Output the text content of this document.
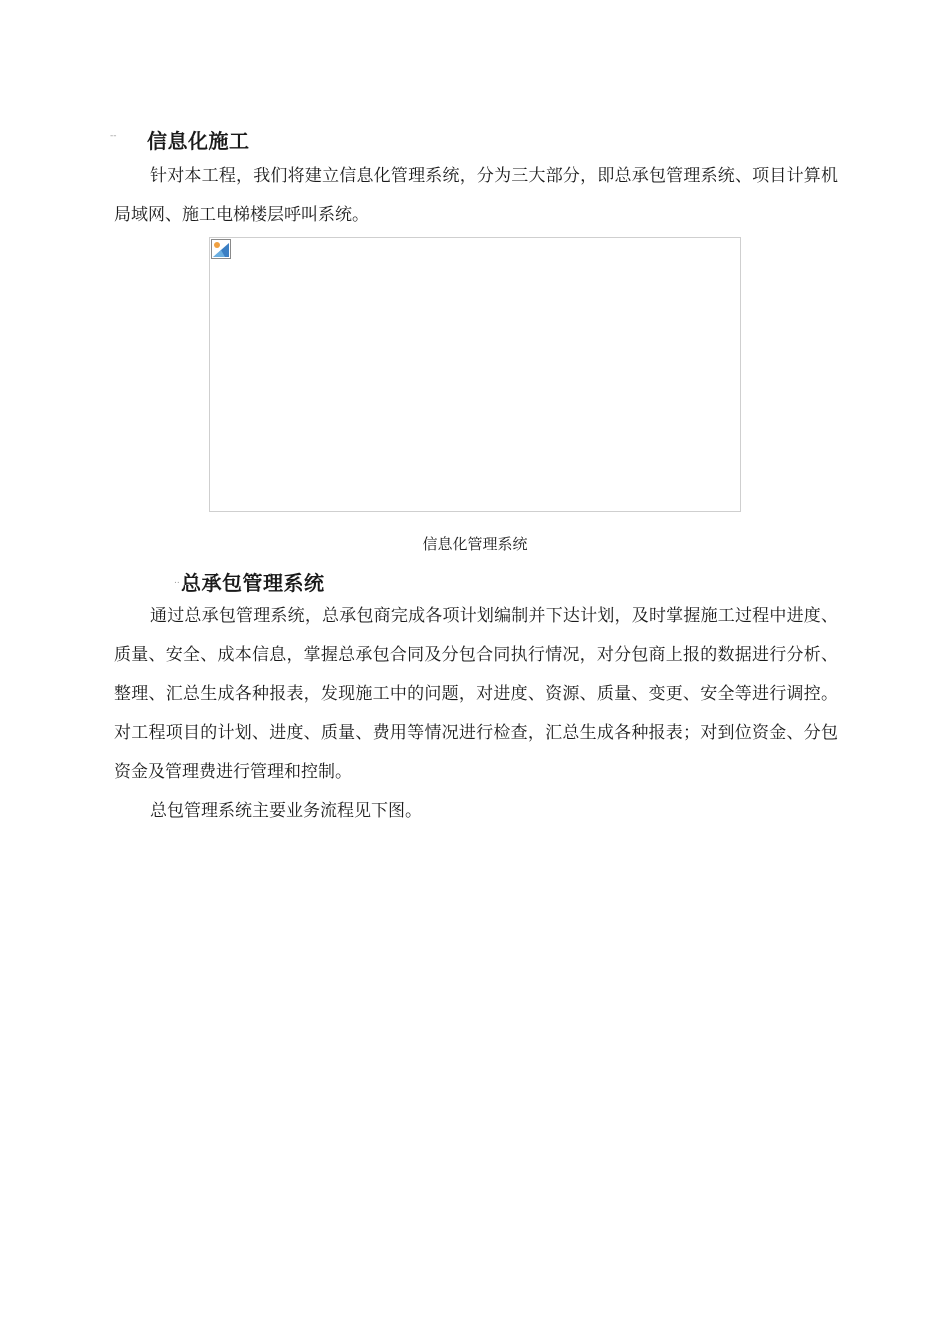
-- 信息化施工

针对本工程，我们将建立信息化管理系统，分为三大部分，即总承包管理系统、项目计算机局域网、施工电梯楼层呼叫系统。

信息化管理系统
.. 总承包管理系统

通过总承包管理系统，总承包商完成各项计划编制并下达计划，及时掌握施工过程中进度、质量、安全、成本信息，掌握总承包合同及分包合同执行情况，对分包商上报的数据进行分析、整理、汇总生成各种报表，发现施工中的问题，对进度、资源、质量、变更、安全等进行调控。对工程项目的计划、进度、质量、费用等情况进行检查，汇总生成各种报表；对到位资金、分包资金及管理费进行管理和控制。

总包管理系统主要业务流程见下图。
